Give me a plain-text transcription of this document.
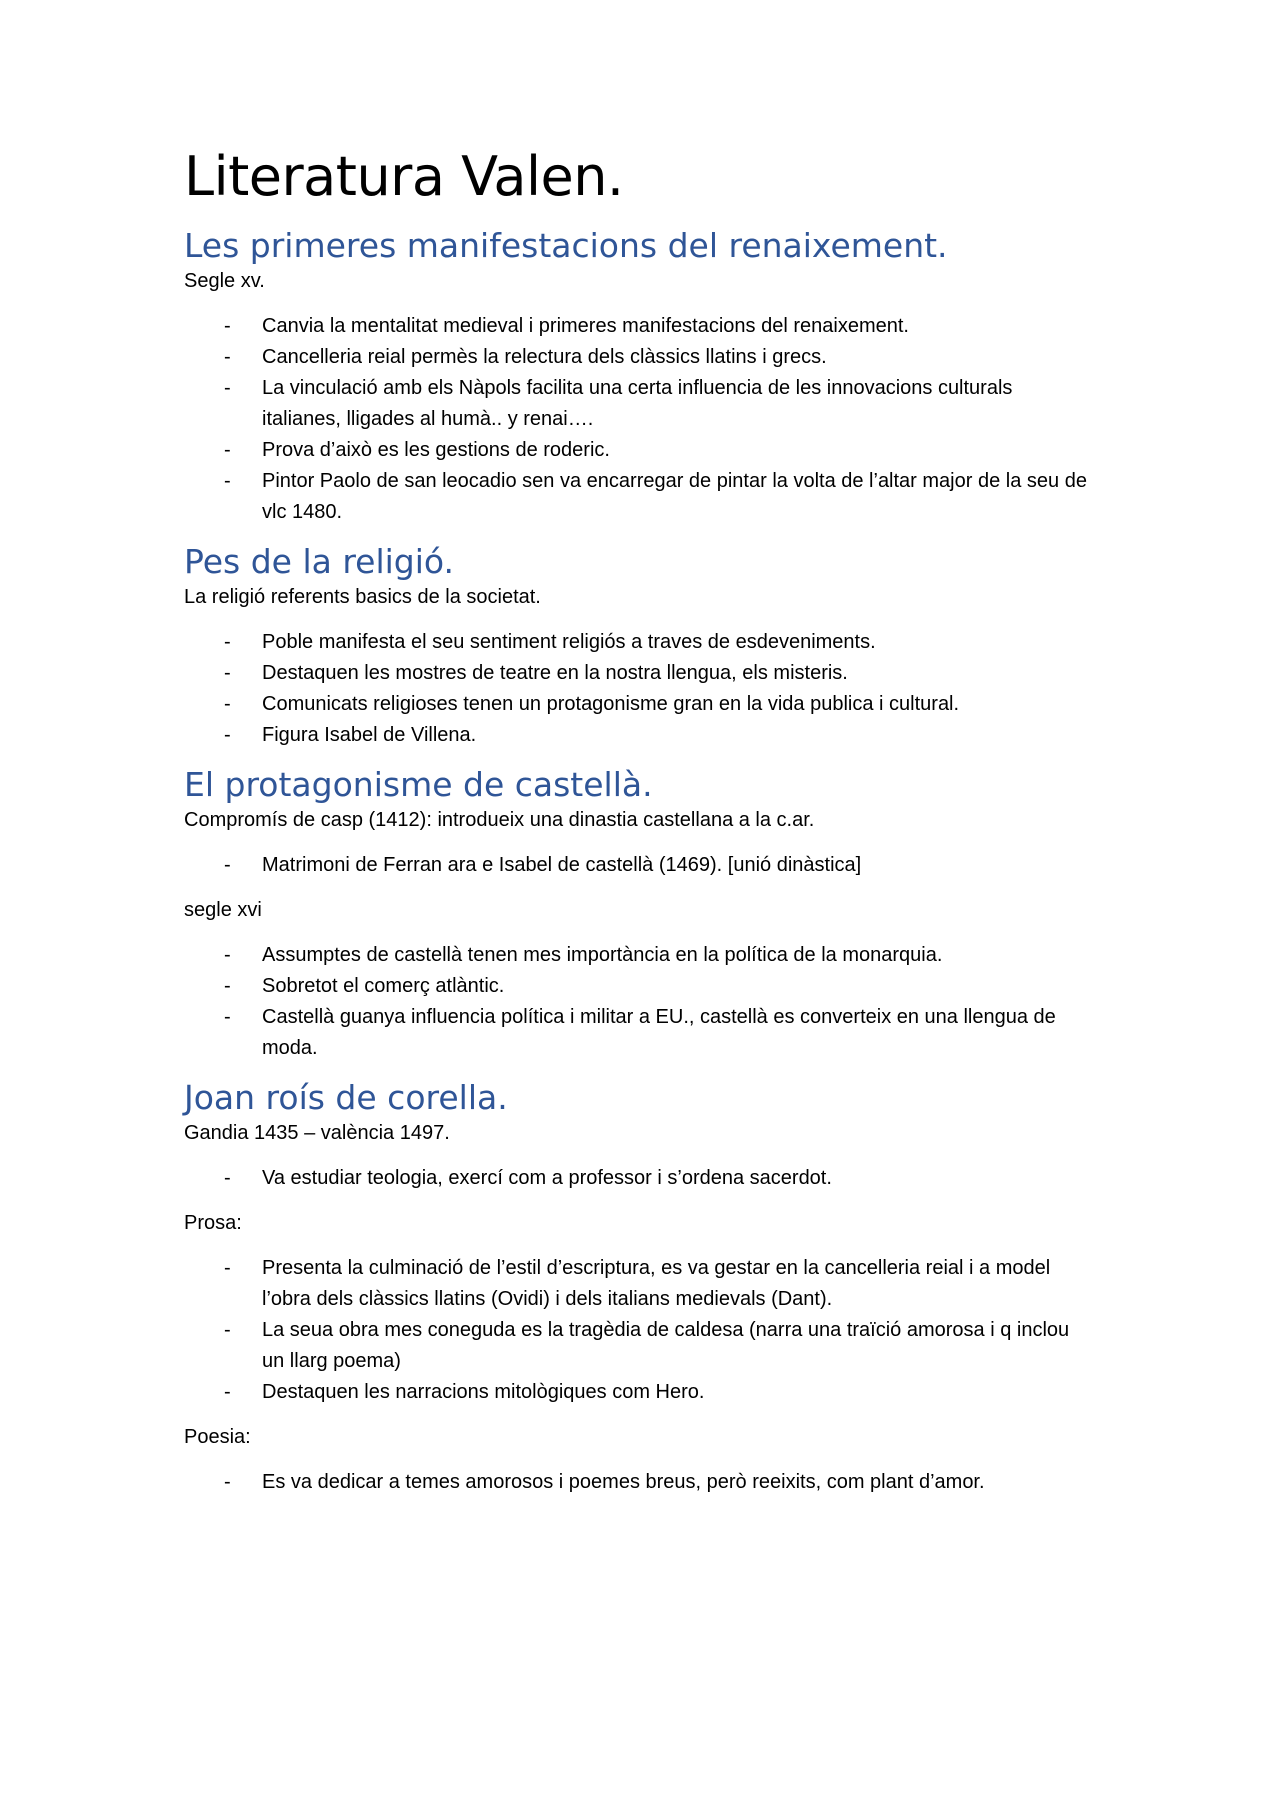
Literatura Valen.
Les primeres manifestacions del renaixement.

Segle xv.

- Canvia la mentalitat medieval i primeres manifestacions del renaixement.
- Cancelleria reial permès la relectura dels clàssics llatins i grecs.
- La vinculació amb els Nàpols facilita una certa influencia de les innovacions culturals italianes, lligades al humà.. y renai….
- Prova d’això es les gestions de roderic.
- Pintor Paolo de san leocadio sen va encarregar de pintar la volta de l’altar major de la seu de vlc 1480.
Pes de la religió.

La religió referents basics de la societat.

- Poble manifesta el seu sentiment religiós a traves de esdeveniments.
- Destaquen les mostres de teatre en la nostra llengua, els misteris.
- Comunicats religioses tenen un protagonisme gran en la vida publica i cultural.
- Figura Isabel de Villena.
El protagonisme de castellà.

Compromís de casp (1412): introdueix una dinastia castellana a la c.ar.

- Matrimoni de Ferran ara e Isabel de castellà (1469). [unió dinàstica]

segle xvi

- Assumptes de castellà tenen mes importància en la política de la monarquia.
- Sobretot el comerç atlàntic.
- Castellà guanya influencia política i militar a EU., castellà es converteix en una llengua de moda.
Joan roís de corella.

Gandia 1435 – valència 1497.

- Va estudiar teologia, exercí com a professor i s’ordena sacerdot.

Prosa:

- Presenta la culminació de l’estil d’escriptura, es va gestar en la cancelleria reial i a model l’obra dels clàssics llatins (Ovidi) i dels italians medievals (Dant).
- La seua obra mes coneguda es la tragèdia de caldesa (narra una traïció amorosa i q inclou un llarg poema)
- Destaquen les narracions mitològiques com Hero.

Poesia:

- Es va dedicar a temes amorosos i poemes breus, però reeixits, com plant d’amor.
